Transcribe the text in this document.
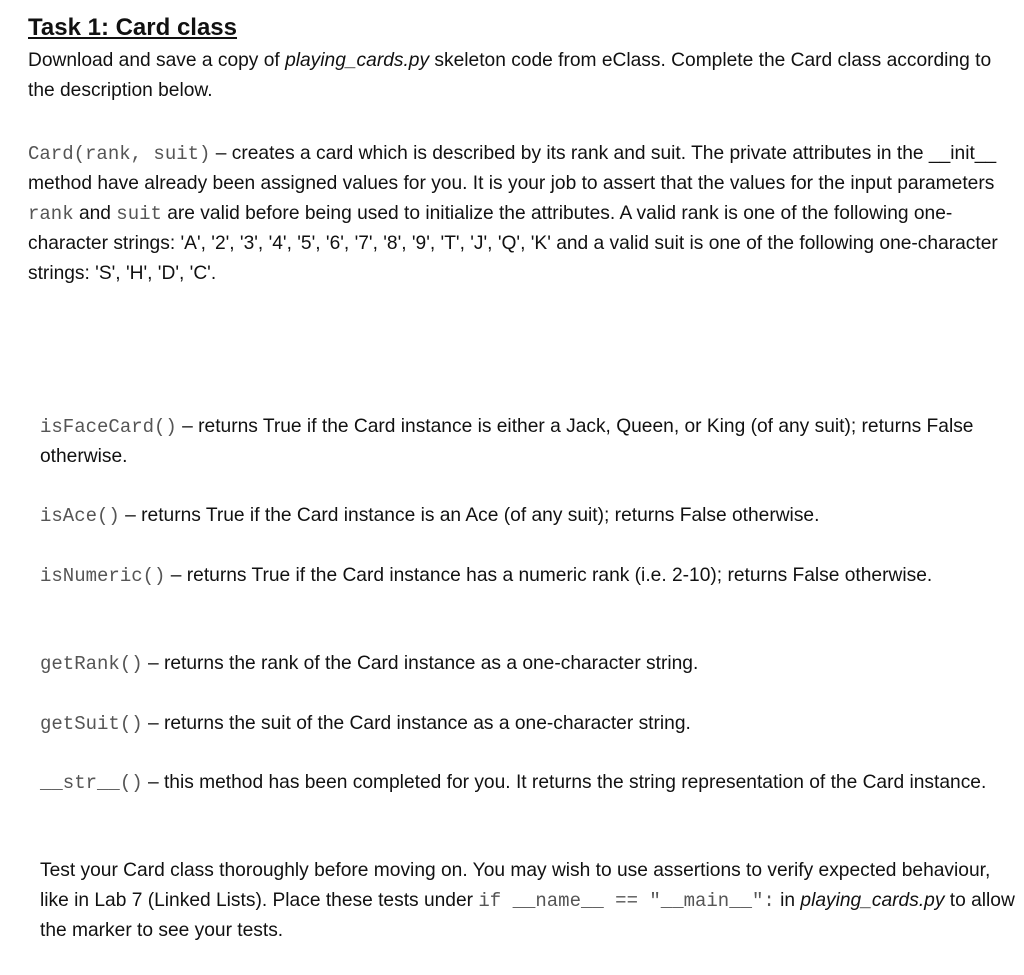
Task 1: Card class

Download and save a copy of playing_cards.py skeleton code from eClass. Complete the Card class according to the description below.

Card(rank, suit) – creates a card which is described by its rank and suit. The private attributes in the __init__ method have already been assigned values for you. It is your job to assert that the values for the input parameters rank and suit are valid before being used to initialize the attributes. A valid rank is one of the following one-character strings: 'A', '2', '3', '4', '5', '6', '7', '8', '9', 'T', 'J', 'Q', 'K' and a valid suit is one of the following one-character strings: 'S', 'H', 'D', 'C'.

isFaceCard() – returns True if the Card instance is either a Jack, Queen, or King (of any suit); returns False otherwise.

isAce() – returns True if the Card instance is an Ace (of any suit); returns False otherwise.

isNumeric() – returns True if the Card instance has a numeric rank (i.e. 2-10); returns False otherwise.

getRank() – returns the rank of the Card instance as a one-character string.

getSuit() – returns the suit of the Card instance as a one-character string.

__str__() – this method has been completed for you. It returns the string representation of the Card instance.

Test your Card class thoroughly before moving on. You may wish to use assertions to verify expected behaviour, like in Lab 7 (Linked Lists). Place these tests under if __name__ == "__main__": in playing_cards.py to allow the marker to see your tests.
